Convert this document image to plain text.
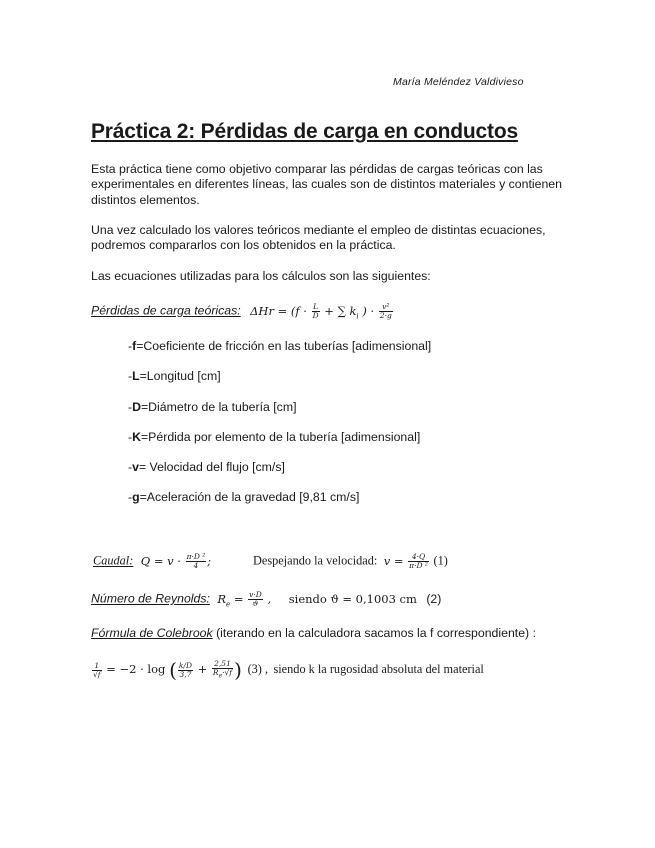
María Meléndez Valdivieso
Práctica 2: Pérdidas de carga en conductos
Esta práctica tiene como objetivo comparar las pérdidas de cargas teóricas con las experimentales en diferentes líneas, las cuales son de distintos materiales y contienen distintos elementos.
Una vez calculado los valores teóricos mediante el empleo de distintas ecuaciones, podremos compararlos con los obtenidos en la práctica.
Las ecuaciones utilizadas para los cálculos son las siguientes:
Pérdidas de carga teóricas: $\Delta Hr = (f \cdot \frac{L}{D}$ + ∑ $k_i$ ) · $\frac{\text{v²}}{2\cdot g}$
-f=Coeficiente de fricción en las tuberías [adimensional]
-L=Longitud [cm]
-D=Diámetro de la tubería [cm]
-K=Pérdida por elemento de la tubería [adimensional]
-v= Velocidad del flujo [cm/s]
-g=Aceleración de la gravedad [9,81 cm/s]
Caudal: $Q = v \cdot \frac{\text{π·D ²}}{4}$ ;	Despejando la velocidad: $v = \frac{4\cdot Q}{\text{π·D ²}} (1)$
Número de Reynolds: $R_e = \frac{v\cdot D}{ϑ}$ , siendo ϑ = 0,1003 cm (2)
Fórmula de Colebrook (iterando en la calculadora sacamos la f correspondiente) :
$\frac{1}{√f} = -2 \cdot \log$ ( $\frac{k/D}{3,7} + \frac{2,51}{R_e\cdot√f}$ ) (3) , siendo k la rugosidad absoluta del material
